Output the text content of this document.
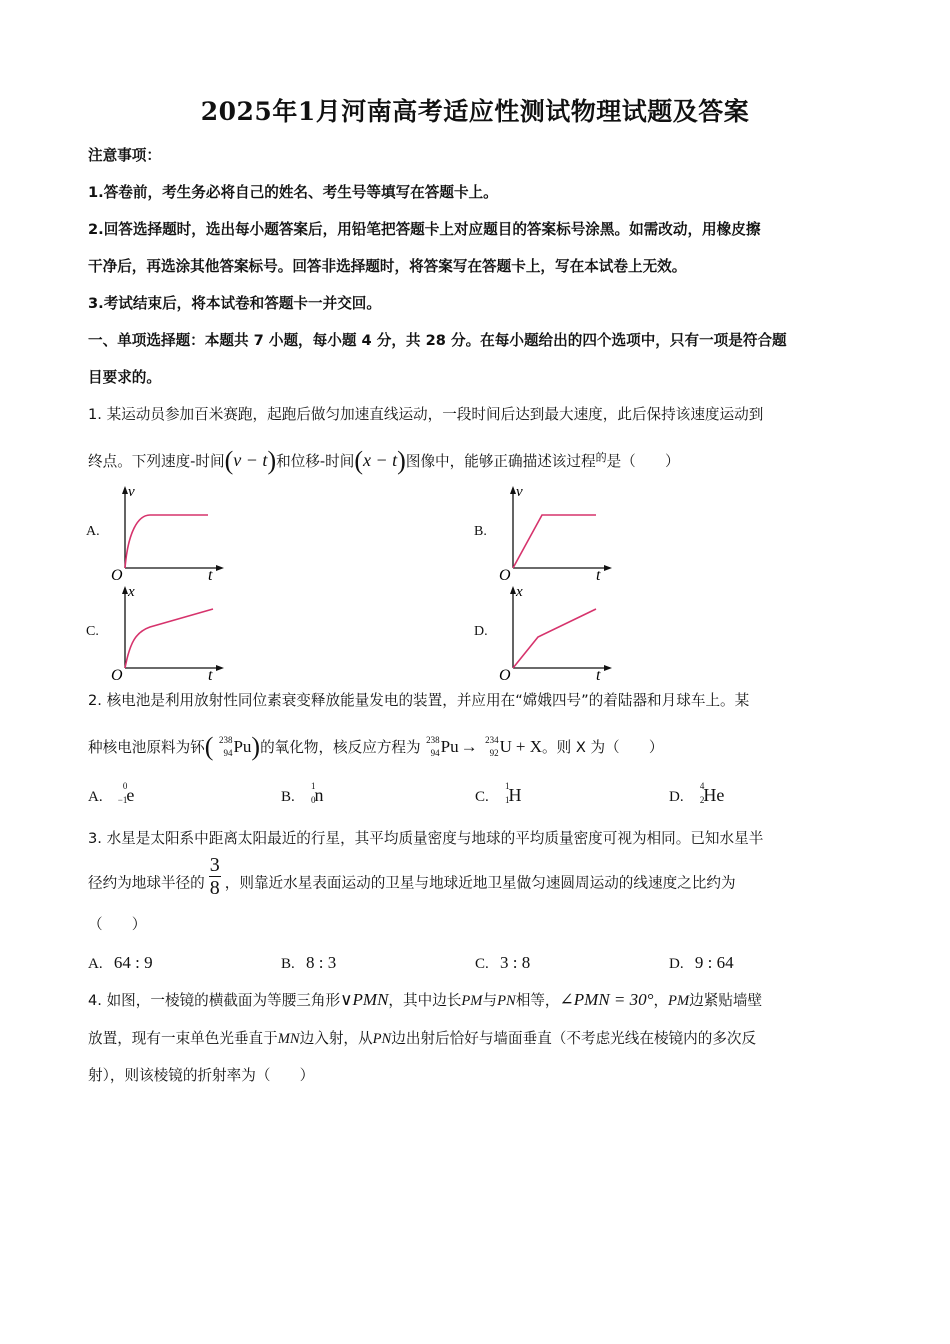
2025年1月河南高考适应性测试物理试题及答案
注意事项：
1.答卷前，考生务必将自己的姓名、考生号等填写在答题卡上。
2.回答选择题时，选出每小题答案后，用铅笔把答题卡上对应题目的答案标号涂黑。如需改动，用橡皮擦
干净后，再选涂其他答案标号。回答非选择题时，将答案写在答题卡上，写在本试卷上无效。
3.考试结束后，将本试卷和答题卡一并交回。
一、单项选择题：本题共 7 小题，每小题 4 分，共 28 分。在每小题给出的四个选项中，只有一项是符合题
目要求的。
1. 某运动员参加百米赛跑，起跑后做匀加速直线运动，一段时间后达到最大速度，此后保持该速度运动到
终点。下列速度-时间(v − t)和位移-时间(x − t)图像中，能够正确描述该过程$^的$是（　　）
A.
v
t
O
B.
v
t
O
C.
x
t
O
D.
x
t
O
2. 核电池是利用放射性同位素衰变释放能量发电的装置，并应用在“嫦娥四号”的着陆器和月球车上。某
种核电池原料为钚( 238
94 Pu)的氧化物，核反应方程为 238
94 Pu → 234
92 U + X。则 X 为（　　）
A.
0
−1 e	B.
1
0 n	C.
1
1 H	D.
4
2 He
3. 水星是太阳系中距离太阳最近的行星，其平均质量密度与地球的平均质量密度可视为相同。已知水星半
径约为地球半径的 $\frac{3}{8}$ ，则靠近水星表面运动的卫星与地球近地卫星做匀速圆周运动的线速度之比约为
（　　）
A. 64 : 9	B. 8 : 3	C. 3 : 8	D. 9 : 64
4. 如图，一棱镜的横截面为等腰三角形∨PMN，其中边长PM与PN相等，∠PMN = 30°，PM边紧贴墙壁
放置，现有一束单色光垂直于MN边入射，从PN边出射后恰好与墙面垂直（不考虑光线在棱镜内的多次反
射），则该棱镜的折射率为（　　）
